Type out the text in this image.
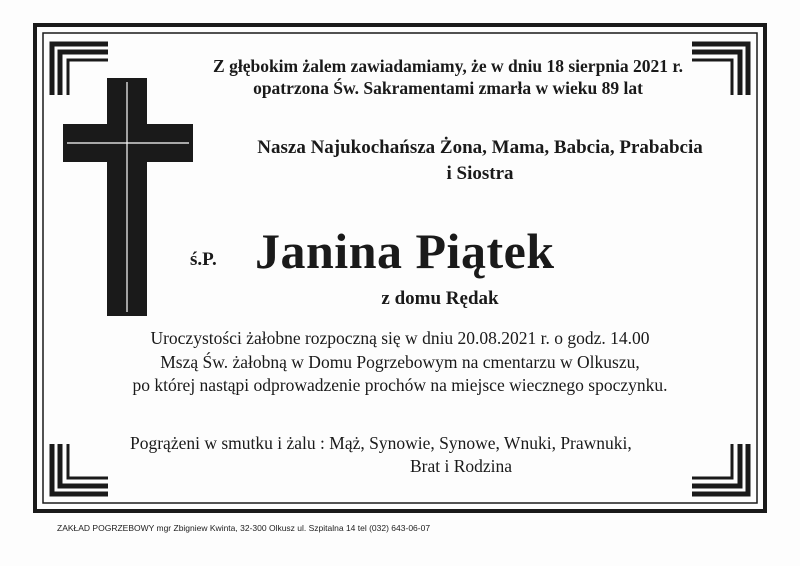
Z głębokim żalem zawiadamiamy, że w dniu 18 sierpnia 2021 r.
opatrzona Św. Sakramentami zmarła w wieku 89 lat
Nasza Najukochańsza Żona, Mama, Babcia, Prababcia
i Siostra
ś.P. Janina Piątek
z domu Rędak
Uroczystości żałobne rozpoczną się w dniu 20.08.2021 r. o godz. 14.00
Mszą Św. żałobną w Domu Pogrzebowym na cmentarzu w Olkuszu,
po której nastąpi odprowadzenie prochów na miejsce wiecznego spoczynku.
Pogrążeni w smutku i żalu : Mąż, Synowie, Synowe, Wnuki, Prawnuki,
Brat i Rodzina
ZAKŁAD POGRZEBOWY mgr Zbigniew Kwinta, 32-300 Olkusz ul. Szpitalna 14 tel (032) 643-06-07
